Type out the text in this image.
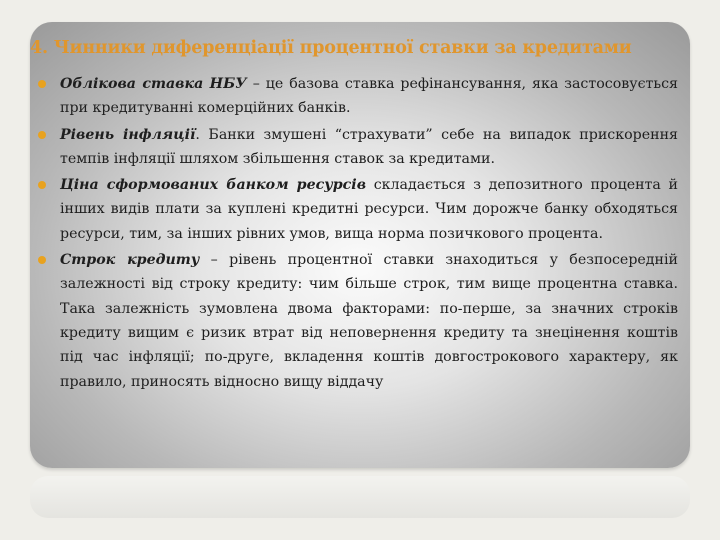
4. Чинники диференціації процентної ставки за кредитами
Облікова ставка НБУ – це базова ставка рефінансування, яка застосовується при кредитуванні комерційних банків.
Рівень інфляції. Банки змушені “страхувати” себе на випадок прискорення темпів інфляції шляхом збільшення ставок за кредитами.
Ціна сформованих банком ресурсів складається з депозитного процента й інших видів плати за куплені кредитні ресурси. Чим дорожче банку обходяться ресурси, тим, за інших рівних умов, вища норма позичкового процента.
Строк кредиту – рівень процентної ставки знаходиться у безпосередній залежності від строку кредиту: чим більше строк, тим вище процентна ставка. Така залежність зумовлена двома факторами: по-перше, за значних строків кредиту вищим є ризик втрат від неповернення кредиту та знецінення коштів під час інфляції; по-друге, вкладення коштів довгострокового характеру, як правило, приносять відносно вищу віддачу
